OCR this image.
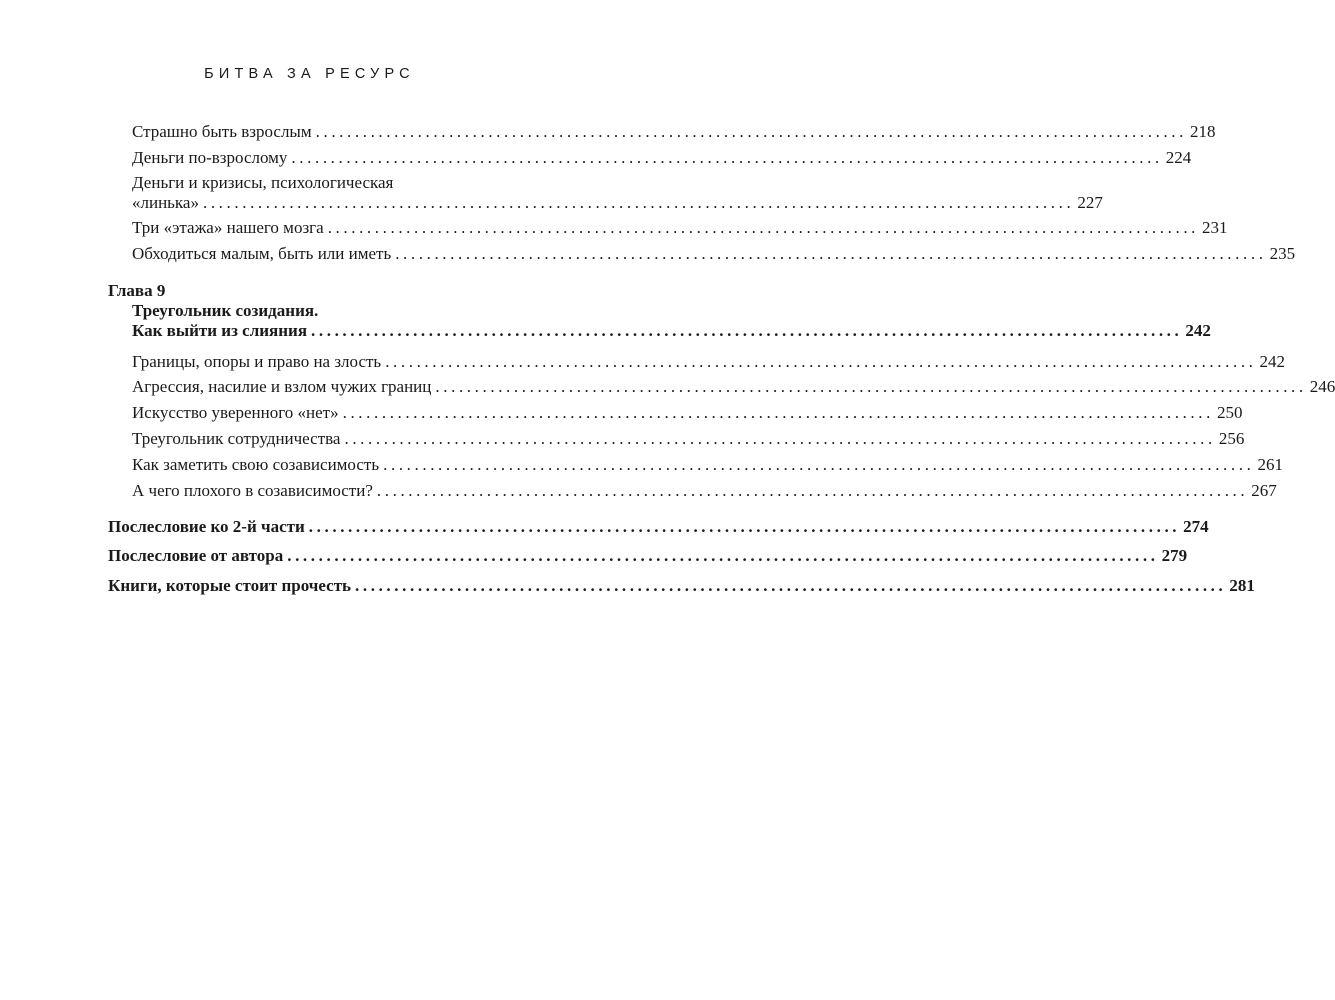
БИТВА ЗА РЕСУРС
Страшно быть взрослым ............................................................................................................... 218
Деньги по-взрослому ............................................................................................................... 224
Деньги и кризисы, психологическая
«линька» ............................................................................................................... 227
Три «этажа» нашего мозга ............................................................................................................... 231
Обходиться малым, быть или иметь ............................................................................................................... 235
Глава 9
Треугольник созидания.
Как выйти из слияния ............................................................................................................... 242
Границы, опоры и право на злость ............................................................................................................... 242
Агрессия, насилие и взлом чужих границ ............................................................................................................... 246
Искусство уверенного «нет» ............................................................................................................... 250
Треугольник сотрудничества ............................................................................................................... 256
Как заметить свою созависимость ............................................................................................................... 261
А чего плохого в созависимости? ............................................................................................................... 267
Послесловие ко 2-й части ............................................................................................................... 274
Послесловие от автора ............................................................................................................... 279
Книги, которые стоит прочесть ............................................................................................................... 281
